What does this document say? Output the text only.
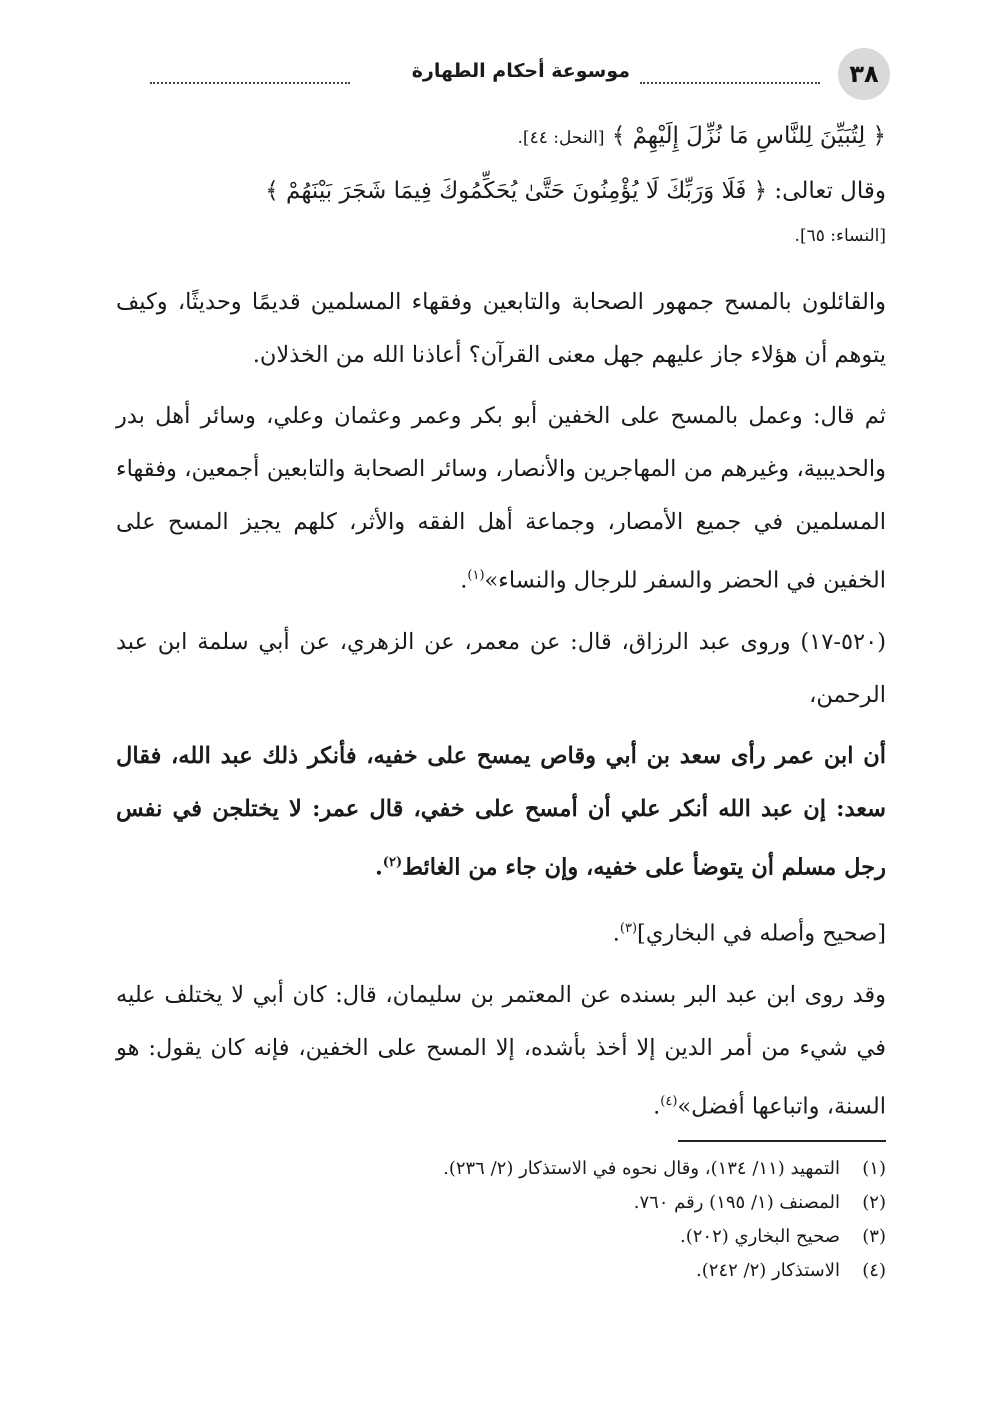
٣٨
موسوعة أحكام الطهارة

﴿ لِتُبَيِّنَ لِلنَّاسِ مَا نُزِّلَ إِلَيْهِمْ ﴾ [النحل: ٤٤].

وقال تعالى: ﴿ فَلَا وَرَبِّكَ لَا يُؤْمِنُونَ حَتَّىٰ يُحَكِّمُوكَ فِيمَا شَجَرَ بَيْنَهُمْ ﴾

[النساء: ٦٥].

والقائلون بالمسح جمهور الصحابة والتابعين وفقهاء المسلمين قديمًا وحديثًا، وكيف يتوهم أن هؤلاء جاز عليهم جهل معنى القرآن؟ أعاذنا الله من الخذلان.

ثم قال: وعمل بالمسح على الخفين أبو بكر وعمر وعثمان وعلي، وسائر أهل بدر والحديبية، وغيرهم من المهاجرين والأنصار، وسائر الصحابة والتابعين أجمعين، وفقهاء المسلمين في جميع الأمصار، وجماعة أهل الفقه والأثر، كلهم يجيز المسح على الخفين في الحضر والسفر للرجال والنساء»$^{(١)}$.

(٥٢٠-١٧) وروى عبد الرزاق، قال: عن معمر، عن الزهري، عن أبي سلمة ابن عبد الرحمن،

أن ابن عمر رأى سعد بن أبي وقاص يمسح على خفيه، فأنكر ذلك عبد الله، فقال سعد: إن عبد الله أنكر علي أن أمسح على خفي، قال عمر: لا يختلجن في نفس رجل مسلم أن يتوضأ على خفيه، وإن جاء من الغائط$^{(٢)}$.

[صحيح وأصله في البخاري]$^{(٣)}$.

وقد روى ابن عبد البر بسنده عن المعتمر بن سليمان، قال: كان أبي لا يختلف عليه في شيء من أمر الدين إلا أخذ بأشده، إلا المسح على الخفين، فإنه كان يقول: هو السنة، واتباعها أفضل»$^{(٤)}$.

(١)التمهيد (١١/ ١٣٤)، وقال نحوه في الاستذكار (٢/ ٢٣٦).

(٢)المصنف (١/ ١٩٥) رقم ٧٦٠.

(٣)صحيح البخاري (٢٠٢).

(٤)الاستذكار (٢/ ٢٤٢).
